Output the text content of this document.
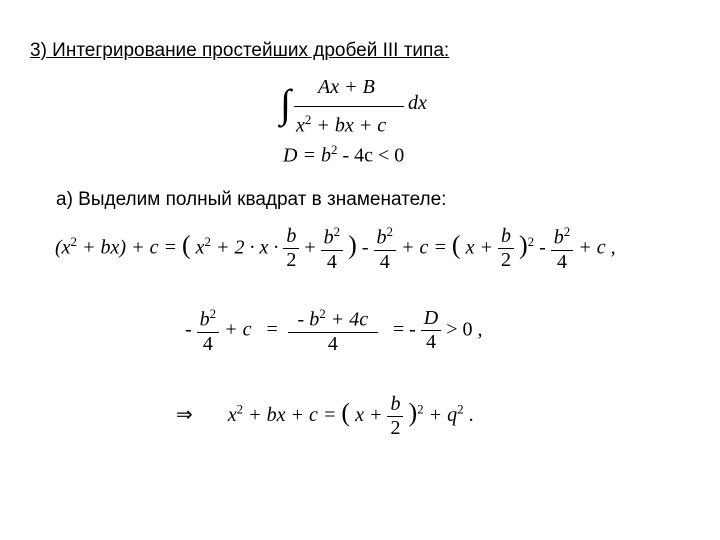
3) Интегрирование простейших дробей III типа:
∫ Ax + B
$x^2$ + bx + c
dx
$D = b^2 - 4c < 0$
а) Выделим полный квадрат в знаменателе:
$(x^2 + bx) + c$ = ( $x^2 + 2 \cdot x \cdot \frac{b}{2} + \frac{b^2}{4}$ ) - $\frac{b^2}{4} + c$ = ( $x + \frac{b}{2} )^2 - \frac{b^2}{4} + c$ ,
- $\frac{b^2}{4} + c = \frac{- b^2 + 4c}{4}$ = - $\frac{D}{4} > 0$ ,
⇒ $x^2$ + bx + c = ( $x + \frac{b}{2} )^2 + q^2$ .
